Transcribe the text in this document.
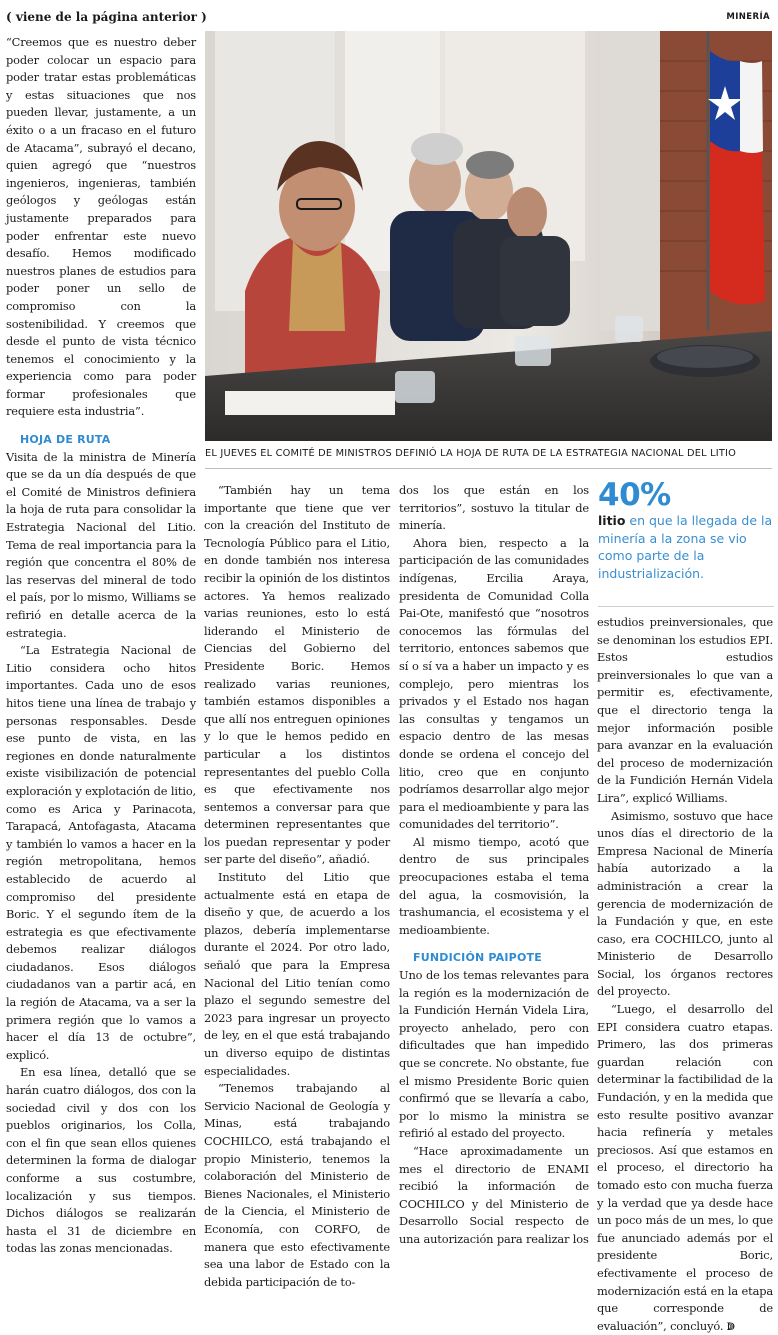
( viene de la página anterior )	MINERÍA
EL JUEVES EL COMITÉ DE MINISTROS DEFINIÓ LA HOJA DE RUTA DE LA ESTRATEGIA NACIONAL DEL LITIO

“Creemos que es nuestro deber poder colocar un espacio para poder tratar estas problemáticas y estas situaciones que nos pueden llevar, justamente, a un éxito o a un fracaso en el futuro de Atacama”, subrayó el decano, quien agregó que “nuestros ingenieros, ingenieras, también geólogos y geólogas están justamente preparados para poder enfrentar este nuevo desafío. Hemos modificado nuestros planes de estudios para poder poner un sello de compromiso con la sostenibilidad. Y creemos que desde el punto de vista técnico tenemos el conocimiento y la experiencia como para poder formar profesionales que requiere esta industria”.

HOJA DE RUTA

Visita de la ministra de Minería que se da un día después de que el Comité de Ministros definiera la hoja de ruta para consolidar la Estrategia Nacional del Litio. Tema de real importancia para la región que concentra el 80% de las reservas del mineral de todo el país, por lo mismo, Williams se refirió en detalle acerca de la estrategia.

“La Estrategia Nacional de Litio considera ocho hitos importantes. Cada uno de esos hitos tiene una línea de trabajo y personas responsables. Desde ese punto de vista, en las regiones en donde naturalmente existe visibilización de potencial exploración y explotación de litio, como es Arica y Parinacota, Tarapacá, Antofagasta, Atacama y también lo vamos a hacer en la región metropolitana, hemos establecido de acuerdo al compromiso del presidente Boric. Y el segundo ítem de la estrategia es que efectivamente debemos realizar diálogos ciudadanos. Esos diálogos ciudadanos van a partir acá, en la región de Atacama, va a ser la primera región que lo vamos a hacer el día 13 de octubre”, explicó.

En esa línea, detalló que se harán cuatro diálogos, dos con la sociedad civil y dos con los pueblos originarios, los Colla, con el fin que sean ellos quienes determinen la forma de dialogar conforme a sus costumbre, localización y sus tiempos. Dichos diálogos se realizarán hasta el 31 de diciembre en todas las zonas mencionadas.

“También hay un tema importante que tiene que ver con la creación del Instituto de Tecnología Público para el Litio, en donde también nos interesa recibir la opinión de los distintos actores. Ya hemos realizado varias reuniones, esto lo está liderando el Ministerio de Ciencias del Gobierno del Presidente Boric. Hemos realizado varias reuniones, también estamos disponibles a que allí nos entreguen opiniones y lo que le hemos pedido en particular a los distintos representantes del pueblo Colla es que efectivamente nos sentemos a conversar para que determinen representantes que los puedan representar y poder ser parte del diseño”, añadió.

Instituto del Litio que actualmente está en etapa de diseño y que, de acuerdo a los plazos, debería implementarse durante el 2024. Por otro lado, señaló que para la Empresa Nacional del Litio tenían como plazo el segundo semestre del 2023 para ingresar un proyecto de ley, en el que está trabajando un diverso equipo de distintas especialidades.

“Tenemos trabajando al Servicio Nacional de Geología y Minas, está trabajando COCHILCO, está trabajando el propio Ministerio, tenemos la colaboración del Ministerio de Bienes Nacionales, el Ministerio de la Ciencia, el Ministerio de Economía, con CORFO, de manera que esto efectivamente sea una labor de Estado con la debida participación de to-

dos los que están en los territorios”, sostuvo la titular de minería.

Ahora bien, respecto a la participación de las comunidades indígenas, Ercilia Araya, presidenta de Comunidad Colla Pai-Ote, manifestó que “nosotros conocemos las fórmulas del territorio, entonces sabemos que sí o sí va a haber un impacto y es complejo, pero mientras los privados y el Estado nos hagan las consultas y tengamos un espacio dentro de las mesas donde se ordena el concejo del litio, creo que en conjunto podríamos desarrollar algo mejor para el medioambiente y para las comunidades del territorio”.

Al mismo tiempo, acotó que dentro de sus principales preocupaciones estaba el tema del agua, la cosmovisión, la trashumancia, el ecosistema y el medioambiente.

FUNDICIÓN PAIPOTE

Uno de los temas relevantes para la región es la modernización de la Fundición Hernán Videla Lira, proyecto anhelado, pero con dificultades que han impedido que se concrete. No obstante, fue el mismo Presidente Boric quien confirmó que se llevaría a cabo, por lo mismo la ministra se refirió al estado del proyecto.

“Hace aproximadamente un mes el directorio de ENAMI recibió la información de COCHILCO y del Ministerio de Desarrollo Social respecto de una autorización para realizar los

40%
litio en que la llegada de la minería a la zona se vio como parte de la industrialización.

estudios preinversionales, que se denominan los estudios EPI. Estos estudios preinversionales lo que van a permitir es, efectivamente, que el directorio tenga la mejor información posible para avanzar en la evaluación del proceso de modernización de la Fundición Hernán Videla Lira”, explicó Williams.

Asimismo, sostuvo que hace unos días el directorio de la Empresa Nacional de Minería había autorizado a la administración a crear la gerencia de modernización de la Fundación y que, en este caso, era COCHILCO, junto al Ministerio de Desarrollo Social, los órganos rectores del proyecto.

“Luego, el desarrollo del EPI considera cuatro etapas. Primero, las dos primeras guardan relación con determinar la factibilidad de la Fundación, y en la medida que esto resulte positivo avanzar hacia refinería y metales preciosos. Así que estamos en el proceso, el directorio ha tomado esto con mucha fuerza y la verdad que ya desde hace un poco más de un mes, lo que fue anunciado además por el presidente Boric, efectivamente el proceso de modernización está en la etapa que corresponde de evaluación”, concluyó. ↇ
